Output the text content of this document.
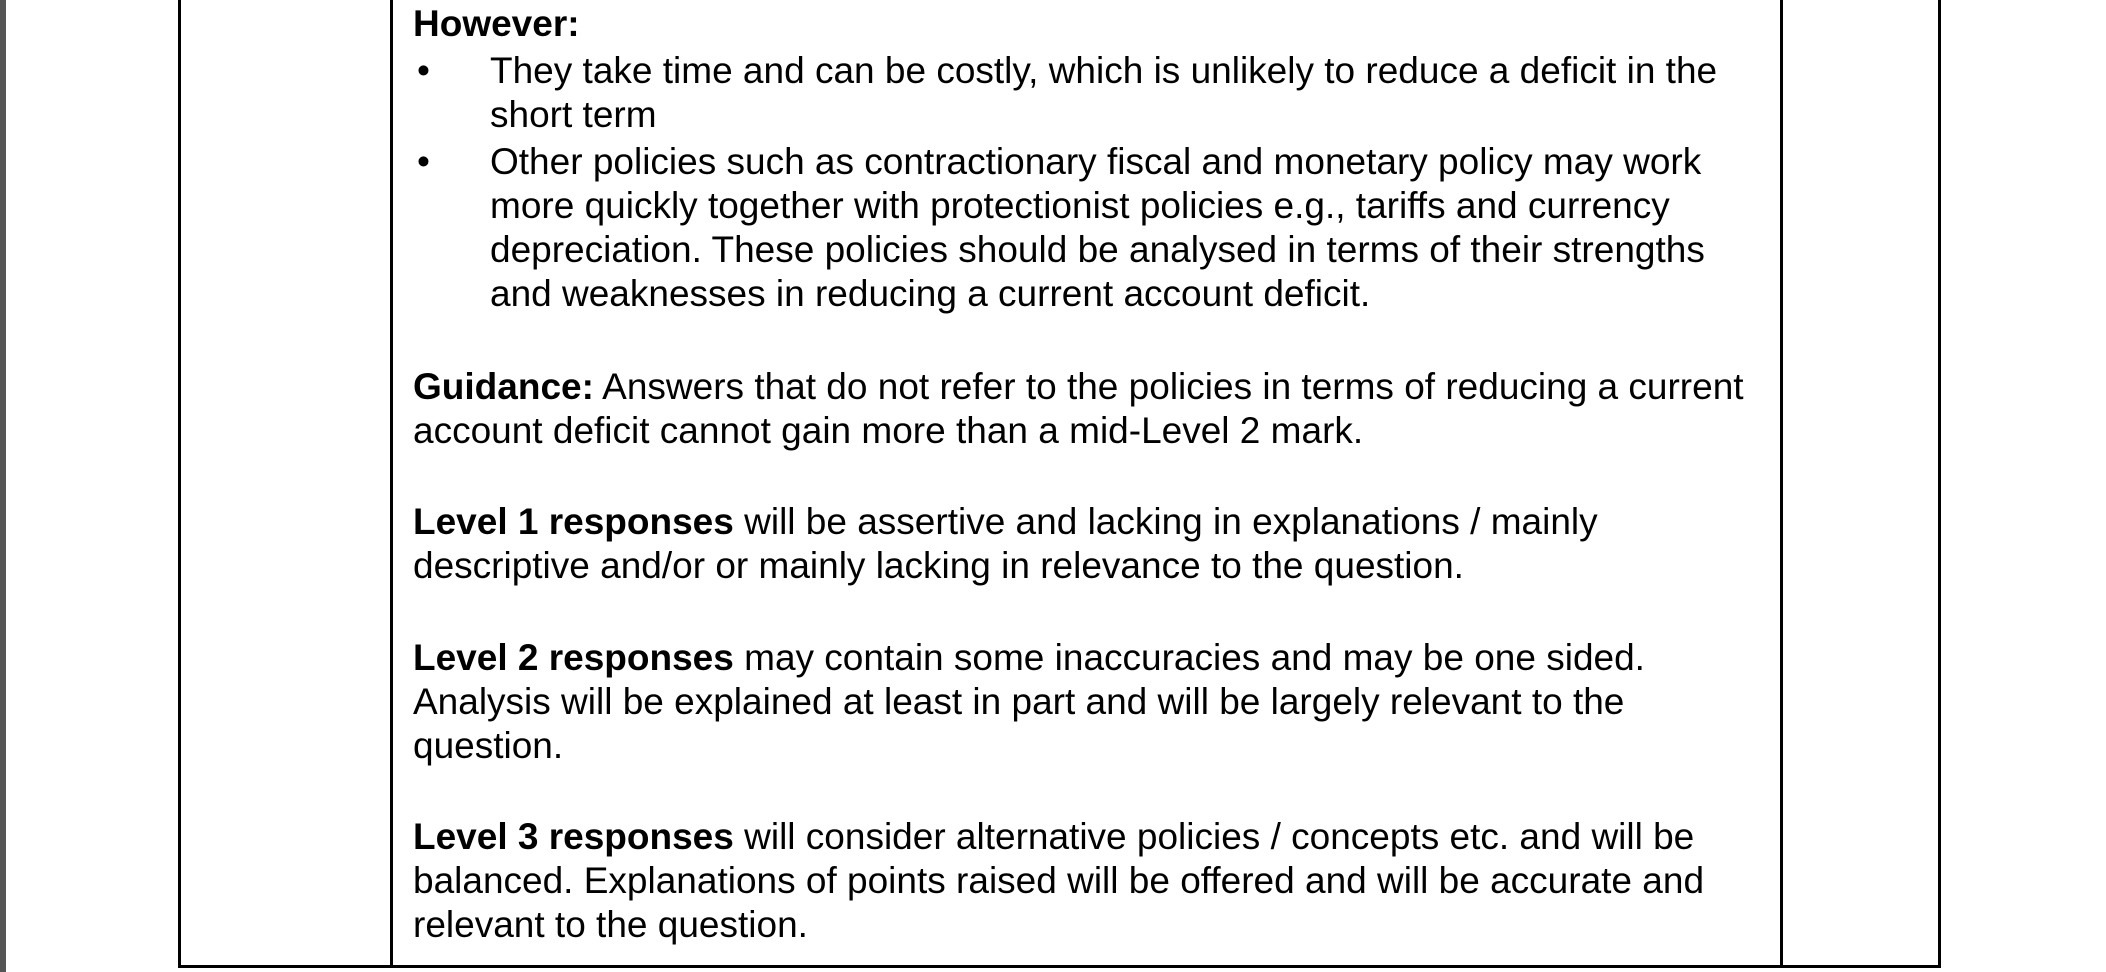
However:

• They take time and can be costly, which is unlikely to reduce a deficit in the short term
• Other policies such as contractionary fiscal and monetary policy may work more quickly together with protectionist policies e.g., tariffs and currency depreciation. These policies should be analysed in terms of their strengths and weaknesses in reducing a current account deficit.

Guidance: Answers that do not refer to the policies in terms of reducing a current account deficit cannot gain more than a mid-Level 2 mark.

Level 1 responses will be assertive and lacking in explanations / mainly descriptive and/or or mainly lacking in relevance to the question.

Level 2 responses may contain some inaccuracies and may be one sided. Analysis will be explained at least in part and will be largely relevant to the question.

Level 3 responses will consider alternative policies / concepts etc. and will be balanced. Explanations of points raised will be offered and will be accurate and relevant to the question.
